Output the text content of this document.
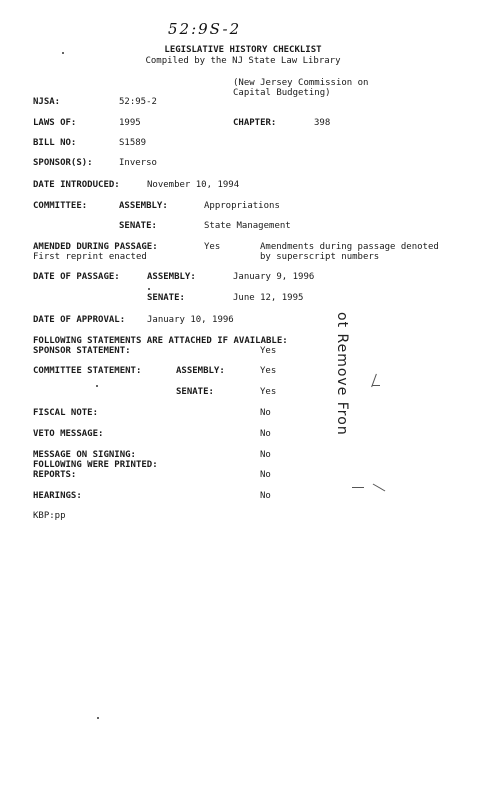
52:9S-2
LEGISLATIVE HISTORY CHECKLIST
Compiled by the NJ State Law Library
(New Jersey Commission on
Capital Budgeting)
NJSA:	52:95-2
LAWS OF:	1995	CHAPTER:	398
BILL NO:	S1589
SPONSOR(S):	Inverso
DATE INTRODUCED:	November 10, 1994
COMMITTEE:	ASSEMBLY:	Appropriations
SENATE:	State Management
AMENDED DURING PASSAGE:	Yes	Amendments during passage denoted
First reprint enacted	by superscript numbers
DATE OF PASSAGE:	ASSEMBLY:	January 9, 1996
SENATE:	June 12, 1995
DATE OF APPROVAL: January 10, 1996
FOLLOWING STATEMENTS ARE ATTACHED IF AVAILABLE:
SPONSOR STATEMENT:	Yes
COMMITTEE STATEMENT:	ASSEMBLY:	Yes
SENATE:	Yes
FISCAL NOTE:	No
VETO MESSAGE:	No
MESSAGE ON SIGNING:	No
FOLLOWING WERE PRINTED:
REPORTS:	No
HEARINGS:	No
KBP:pp
ot Remove Fron
